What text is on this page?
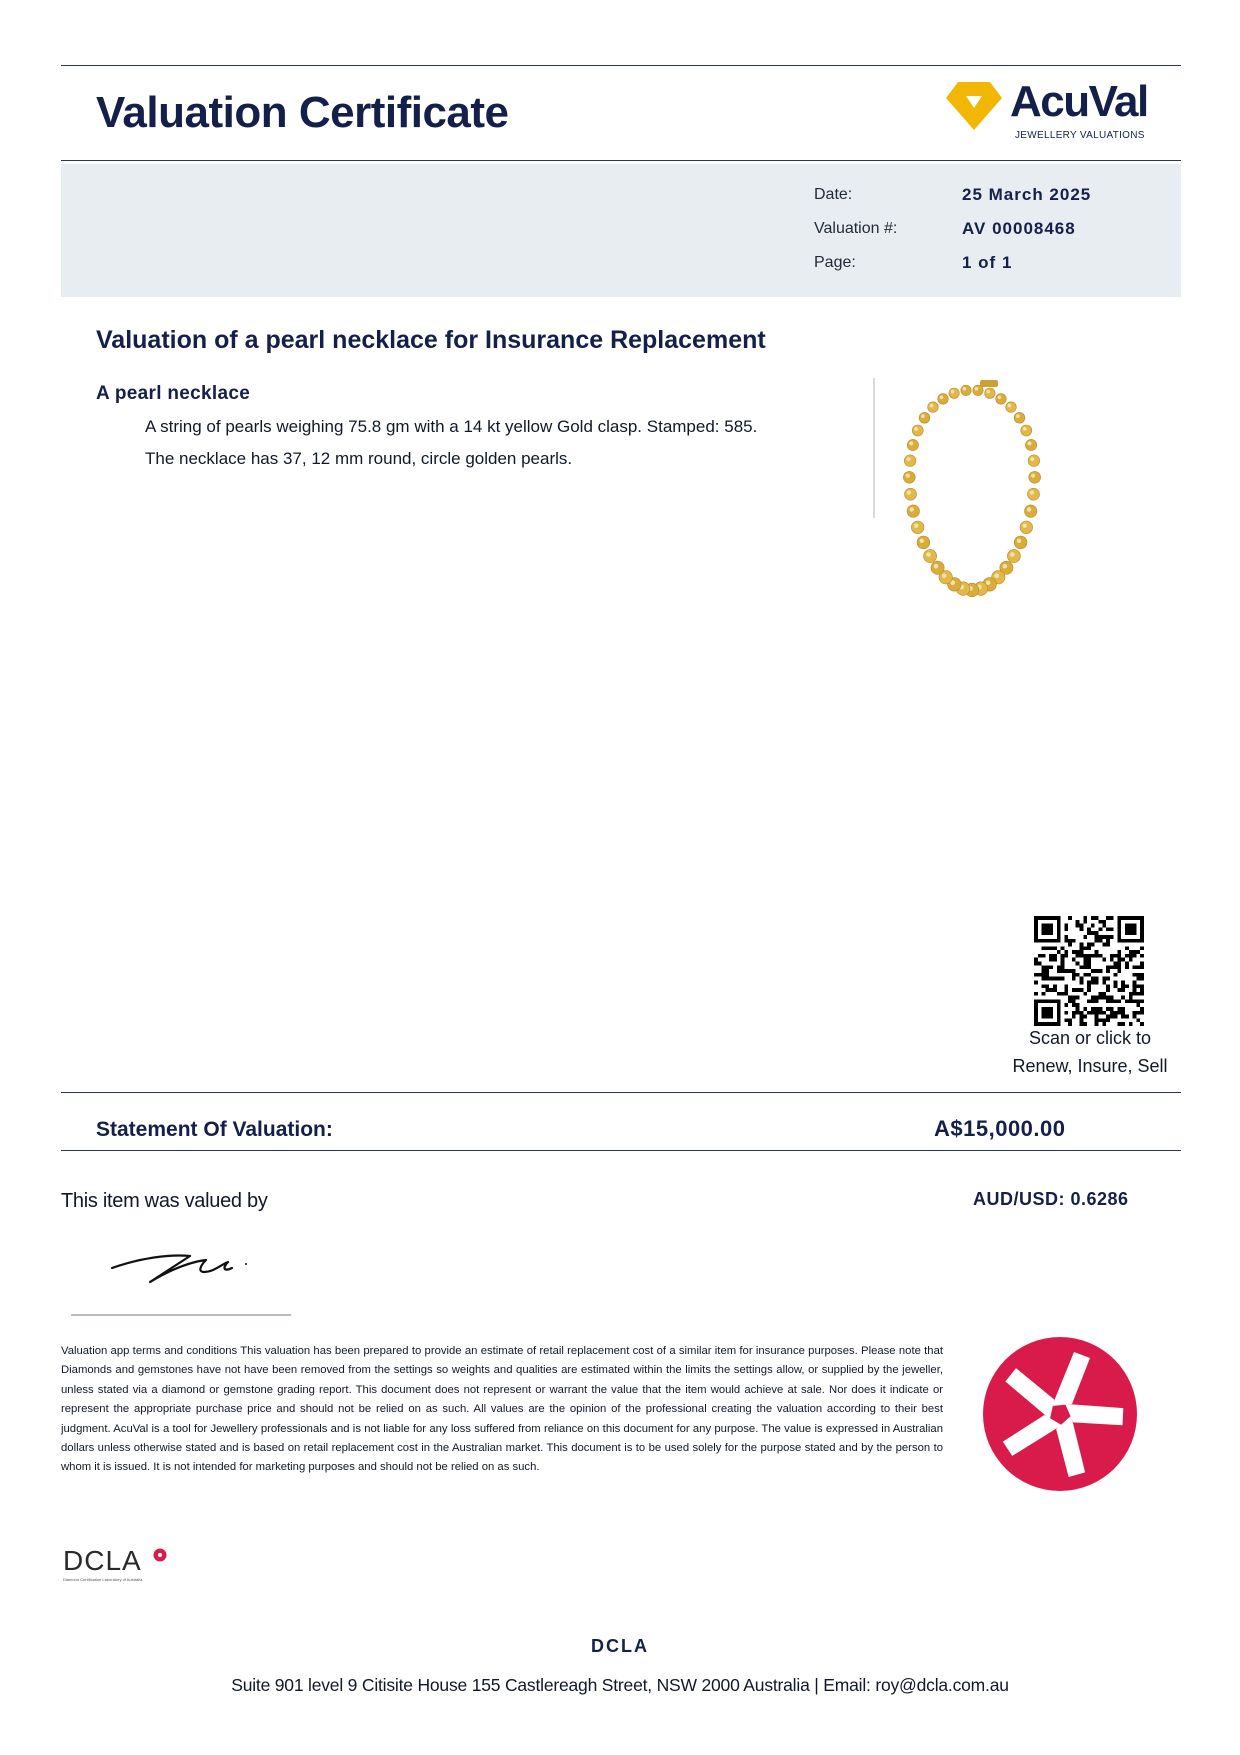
Valuation Certificate	AcuVal
JEWELLERY VALUATIONS
Date:	25 March 2025
Valuation #:	AV 00008468
Page:	1 of 1
Valuation of a pearl necklace for Insurance Replacement
A pearl necklace
A string of pearls weighing 75.8 gm with a 14 kt yellow Gold clasp. Stamped: 585.
The necklace has 37, 12 mm round, circle golden pearls.
Scan or click to
Renew, Insure, Sell
Statement Of Valuation:	A$15,000.00
This item was valued by	AUD/USD: 0.6286
Valuation app terms and conditions This valuation has been prepared to provide an estimate of retail replacement cost of a similar item for insurance purposes. Please note that Diamonds and gemstones have not have been removed from the settings so weights and qualities are estimated within the limits the settings allow, or supplied by the jeweller, unless stated via a diamond or gemstone grading report. This document does not represent or warrant the value that the item would achieve at sale. Nor does it indicate or represent the appropriate purchase price and should not be relied on as such. All values are the opinion of the professional creating the valuation according to their best judgment. AcuVal is a tool for Jewellery professionals and is not liable for any loss suffered from reliance on this document for any purpose. The value is expressed in Australian dollars unless otherwise stated and is based on retail replacement cost in the Australian market. This document is to be used solely for the purpose stated and by the person to whom it is issued. It is not intended for marketing purposes and should not be relied on as such.
DCLA
Diamond Certification Laboratory of Australia
DCLA
Suite 901 level 9 Citisite House 155 Castlereagh Street, NSW 2000 Australia | Email: roy@dcla.com.au
